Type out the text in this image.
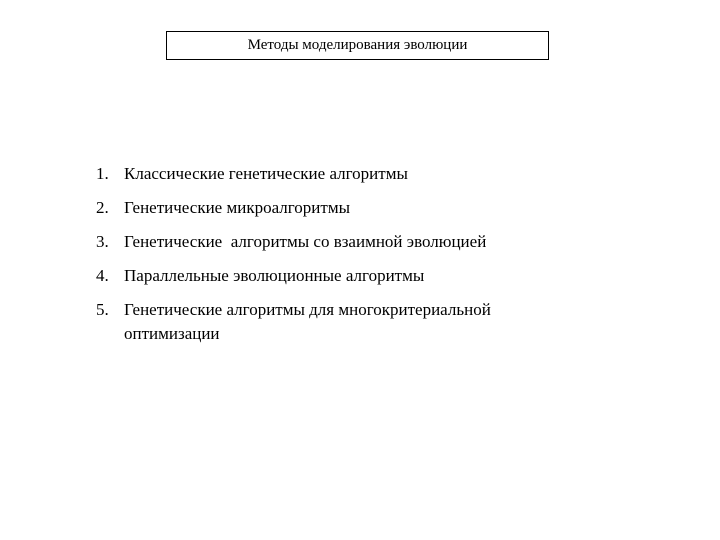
Методы моделирования эволюции
1. Классические генетические алгоритмы
2. Генетические микроалгоритмы
3. Генетические  алгоритмы со взаимной эволюцией
4. Параллельные эволюционные алгоритмы
5. Генетические алгоритмы для многокритериальной оптимизации
